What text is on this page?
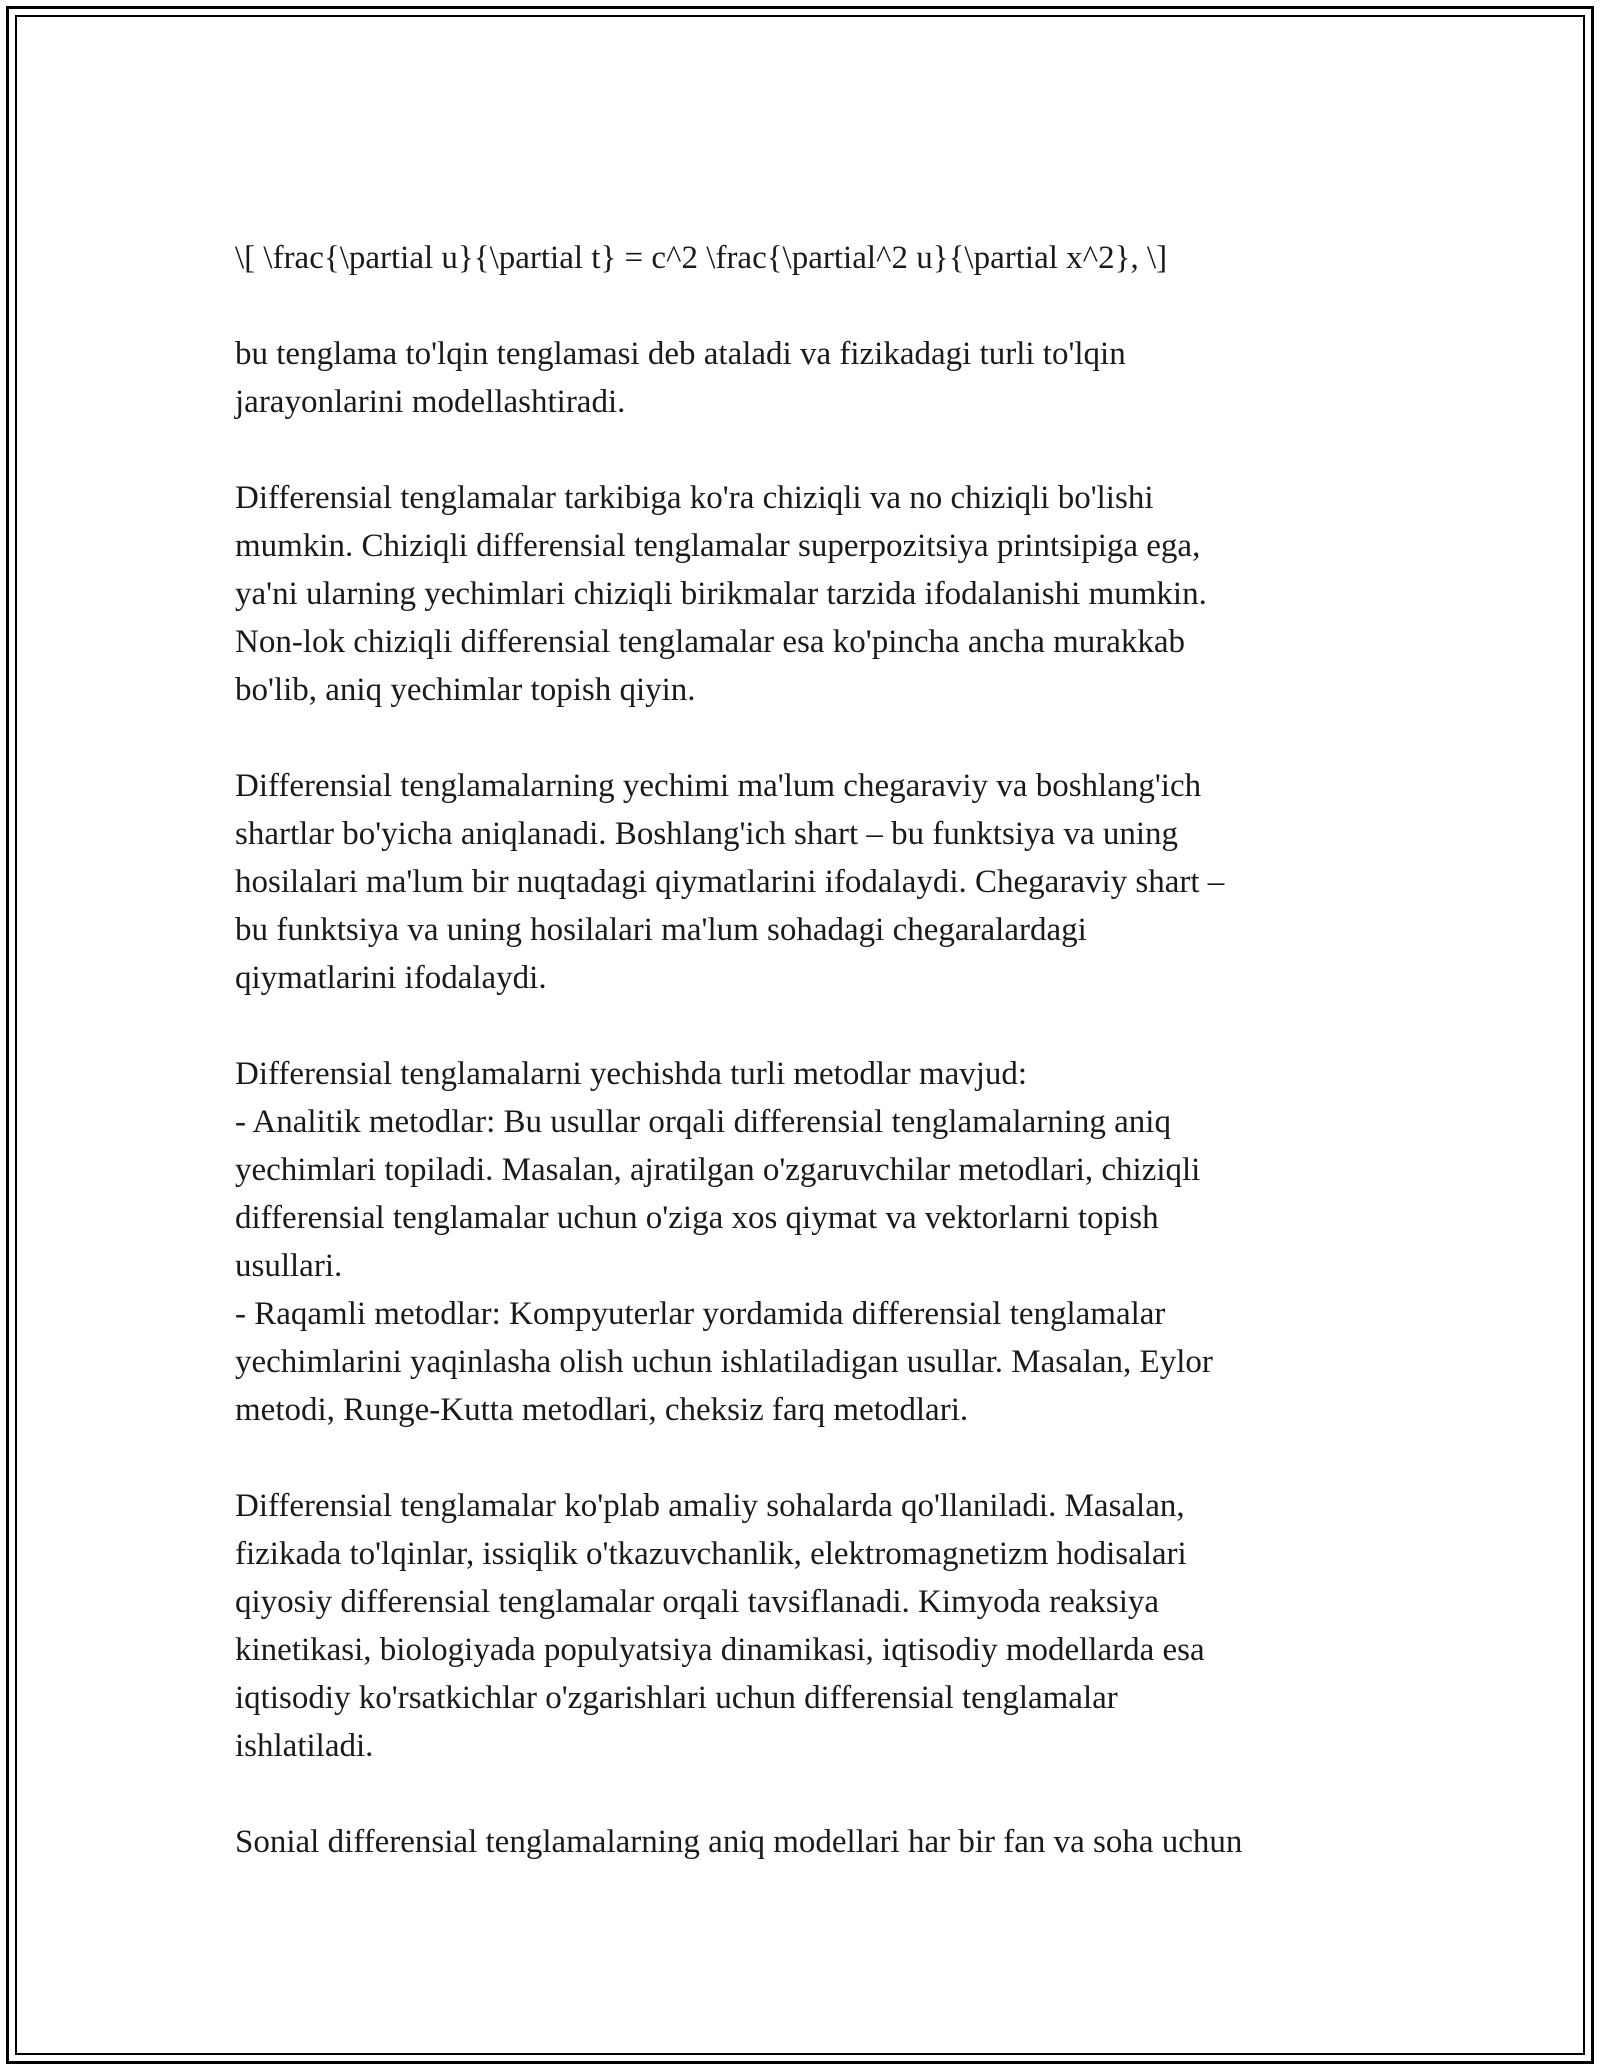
\[ \frac{\partial u}{\partial t} = c^2 \frac{\partial^2 u}{\partial x^2}, \]

bu tenglama to'lqin tenglamasi deb ataladi va fizikadagi turli to'lqin
jarayonlarini modellashtiradi.

Differensial tenglamalar tarkibiga ko'ra chiziqli va no chiziqli bo'lishi
mumkin. Chiziqli differensial tenglamalar superpozitsiya printsipiga ega,
ya'ni ularning yechimlari chiziqli birikmalar tarzida ifodalanishi mumkin.
Non-lok chiziqli differensial tenglamalar esa ko'pincha ancha murakkab
bo'lib, aniq yechimlar topish qiyin.

Differensial tenglamalarning yechimi ma'lum chegaraviy va boshlang'ich
shartlar bo'yicha aniqlanadi. Boshlang'ich shart – bu funktsiya va uning
hosilalari ma'lum bir nuqtadagi qiymatlarini ifodalaydi. Chegaraviy shart –
bu funktsiya va uning hosilalari ma'lum sohadagi chegaralardagi
qiymatlarini ifodalaydi.

Differensial tenglamalarni yechishda turli metodlar mavjud:
- Analitik metodlar: Bu usullar orqali differensial tenglamalarning aniq
yechimlari topiladi. Masalan, ajratilgan o'zgaruvchilar metodlari, chiziqli
differensial tenglamalar uchun o'ziga xos qiymat va vektorlarni topish
usullari.
- Raqamli metodlar: Kompyuterlar yordamida differensial tenglamalar
yechimlarini yaqinlasha olish uchun ishlatiladigan usullar. Masalan, Eylor
metodi, Runge-Kutta metodlari, cheksiz farq metodlari.

Differensial tenglamalar ko'plab amaliy sohalarda qo'llaniladi. Masalan,
fizikada to'lqinlar, issiqlik o'tkazuvchanlik, elektromagnetizm hodisalari
qiyosiy differensial tenglamalar orqali tavsiflanadi. Kimyoda reaksiya
kinetikasi, biologiyada populyatsiya dinamikasi, iqtisodiy modellarda esa
iqtisodiy ko'rsatkichlar o'zgarishlari uchun differensial tenglamalar
ishlatiladi.

Sonial differensial tenglamalarning aniq modellari har bir fan va soha uchun
